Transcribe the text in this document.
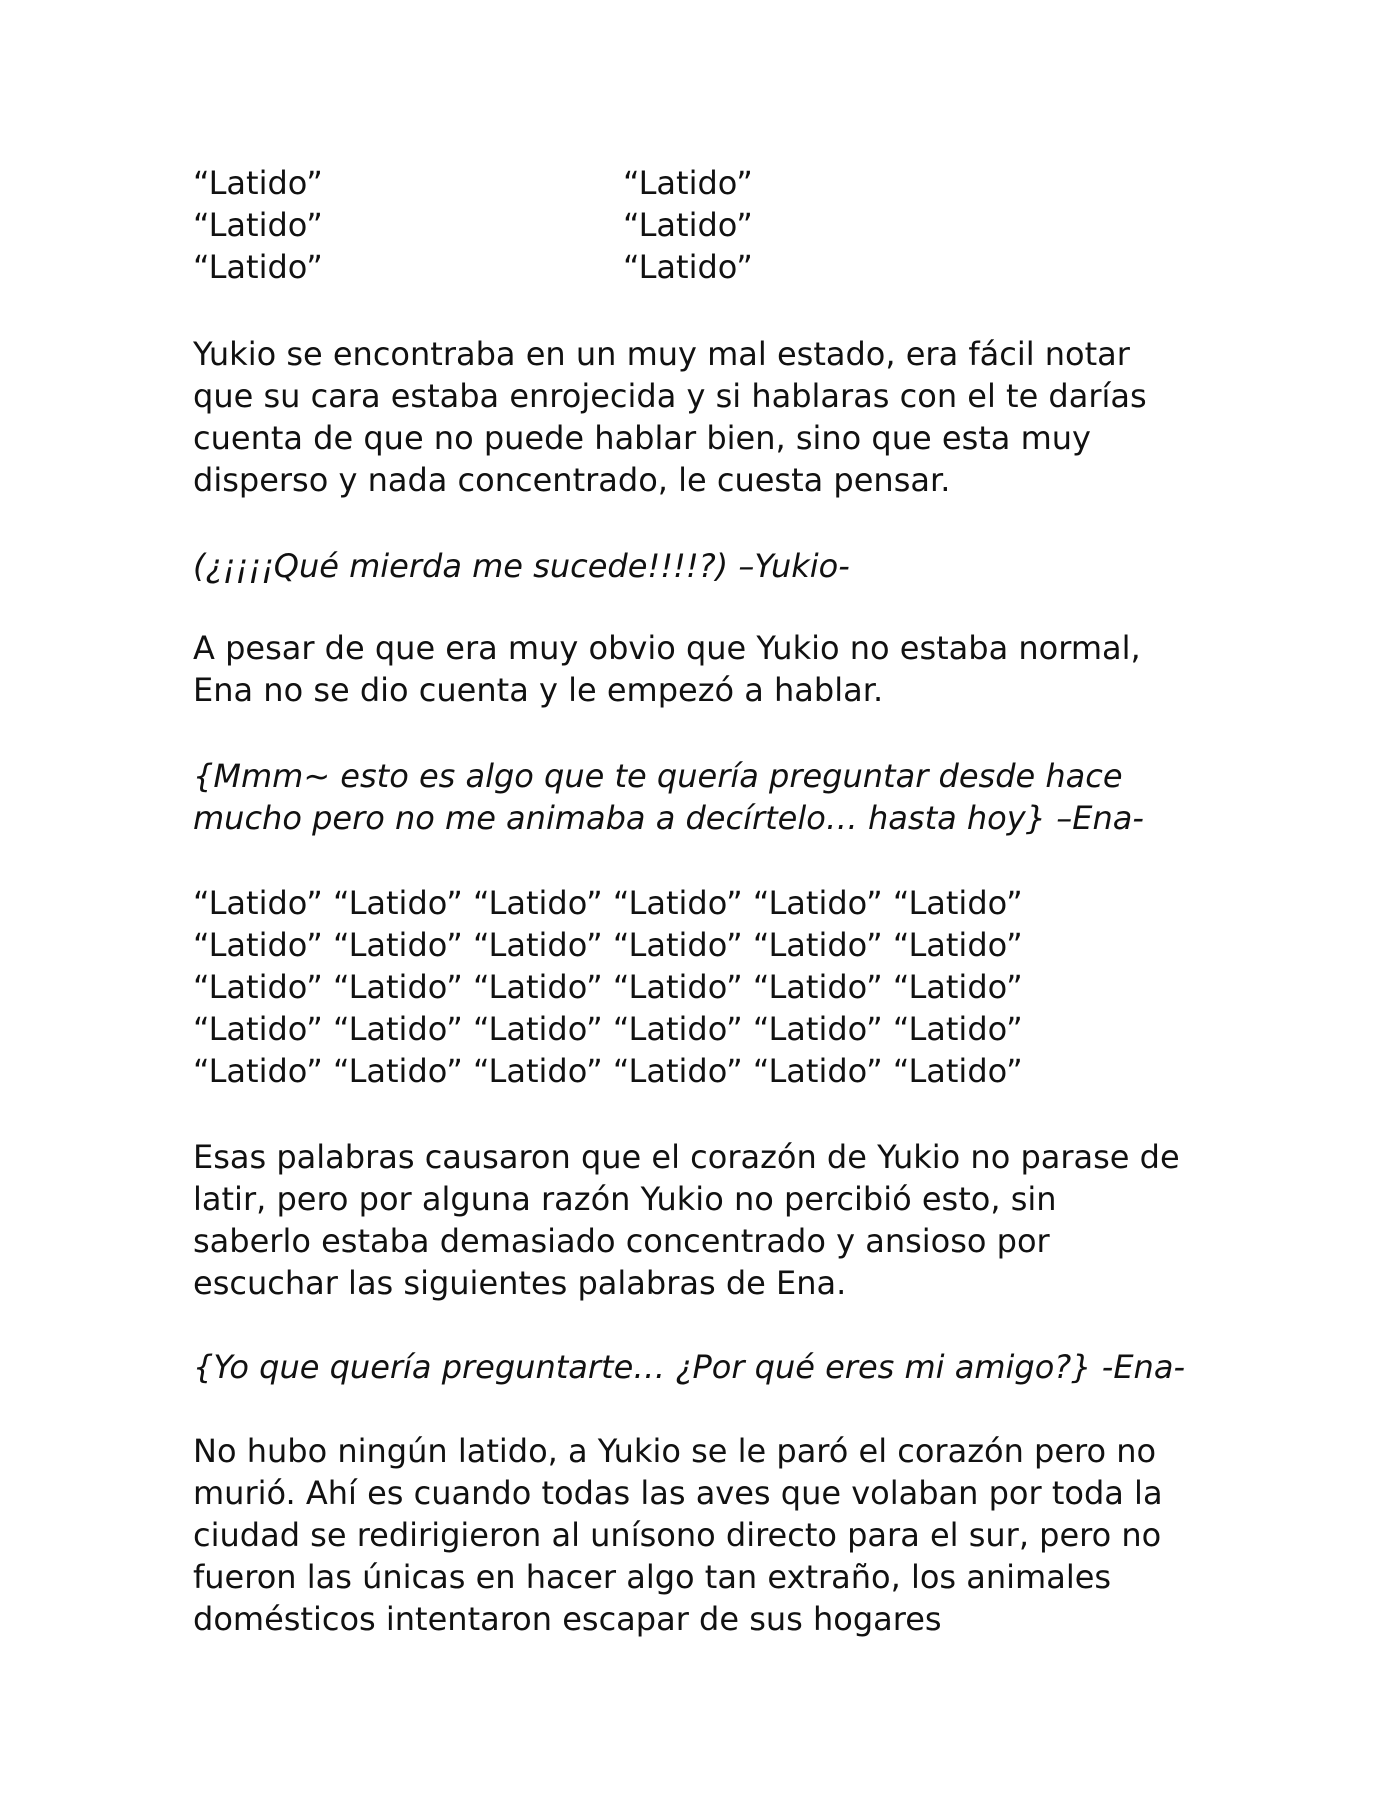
“Latido”
“Latido”
“Latido”
“Latido”
“Latido”
“Latido”

Yukio se encontraba en un muy mal estado, era fácil notar
que su cara estaba enrojecida y si hablaras con el te darías
cuenta de que no puede hablar bien, sino que esta muy
disperso y nada concentrado, le cuesta pensar.

(¿¡¡¡¡Qué mierda me sucede!!!!?) –Yukio-

A pesar de que era muy obvio que Yukio no estaba normal,
Ena no se dio cuenta y le empezó a hablar.

{Mmm~ esto es algo que te quería preguntar desde hace
mucho pero no me animaba a decírtelo… hasta hoy} –Ena-

“Latido” “Latido” “Latido” “Latido” “Latido” “Latido”
“Latido” “Latido” “Latido” “Latido” “Latido” “Latido”
“Latido” “Latido” “Latido” “Latido” “Latido” “Latido”
“Latido” “Latido” “Latido” “Latido” “Latido” “Latido”
“Latido” “Latido” “Latido” “Latido” “Latido” “Latido”

Esas palabras causaron que el corazón de Yukio no parase de
latir, pero por alguna razón Yukio no percibió esto, sin
saberlo estaba demasiado concentrado y ansioso por
escuchar las siguientes palabras de Ena.

{Yo que quería preguntarte… ¿Por qué eres mi amigo?} -Ena-

No hubo ningún latido, a Yukio se le paró el corazón pero no
murió. Ahí es cuando todas las aves que volaban por toda la
ciudad se redirigieron al unísono directo para el sur, pero no
fueron las únicas en hacer algo tan extraño, los animales
domésticos intentaron escapar de sus hogares
